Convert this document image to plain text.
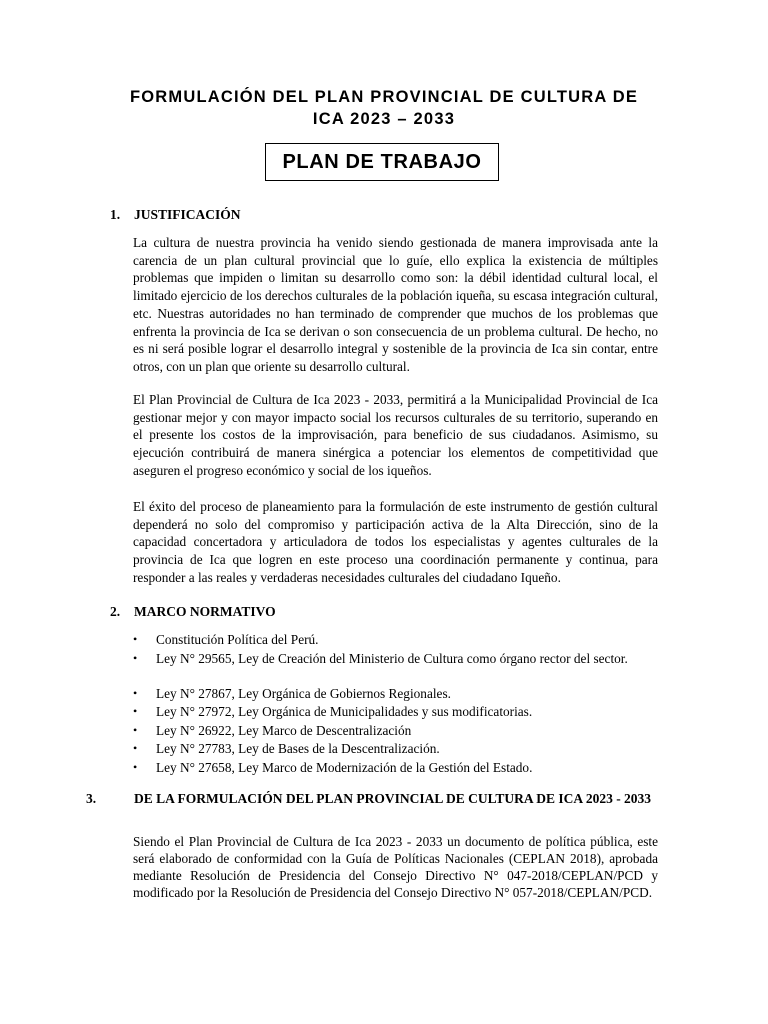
FORMULACIÓN DEL PLAN PROVINCIAL DE CULTURA DE
ICA 2023 – 2033
PLAN DE TRABAJO
1. JUSTIFICACIÓN

La cultura de nuestra provincia ha venido siendo gestionada de manera improvisada ante la carencia de un plan cultural provincial que lo guíe, ello explica la existencia de múltiples problemas que impiden o limitan su desarrollo como son: la débil identidad cultural local, el limitado ejercicio de los derechos culturales de la población iqueña, su escasa integración cultural, etc. Nuestras autoridades no han terminado de comprender que muchos de los problemas que enfrenta la provincia de Ica se derivan o son consecuencia de un problema cultural. De hecho, no es ni será posible lograr el desarrollo integral y sostenible de la provincia de Ica sin contar, entre otros, con un plan que oriente su desarrollo cultural.

El Plan Provincial de Cultura de Ica 2023 - 2033, permitirá a la Municipalidad Provincial de Ica gestionar mejor y con mayor impacto social los recursos culturales de su territorio, superando en el presente los costos de la improvisación, para beneficio de sus ciudadanos. Asimismo, su ejecución contribuirá de manera sinérgica a potenciar los elementos de competitividad que aseguren el progreso económico y social de los iqueños.

El éxito del proceso de planeamiento para la formulación de este instrumento de gestión cultural dependerá no solo del compromiso y participación activa de la Alta Dirección, sino de la capacidad concertadora y articuladora de todos los especialistas y agentes culturales de la provincia de Ica que logren en este proceso una coordinación permanente y continua, para responder a las reales y verdaderas necesidades culturales del ciudadano Iqueño.

2. MARCO NORMATIVO
• Constitución Política del Perú.
• Ley N° 29565, Ley de Creación del Ministerio de Cultura como órgano rector del sector.
• Ley N° 27867, Ley Orgánica de Gobiernos Regionales.
• Ley N° 27972, Ley Orgánica de Municipalidades y sus modificatorias.
• Ley N° 26922, Ley Marco de Descentralización
• Ley N° 27783, Ley de Bases de la Descentralización.
• Ley N° 27658, Ley Marco de Modernización de la Gestión del Estado.
3.	DE LA FORMULACIÓN DEL PLAN PROVINCIAL DE CULTURA DE ICA 2023 - 2033

Siendo el Plan Provincial de Cultura de Ica 2023 - 2033 un documento de política pública, este será elaborado de conformidad con la Guía de Políticas Nacionales (CEPLAN 2018), aprobada mediante Resolución de Presidencia del Consejo Directivo N° 047-2018/CEPLAN/PCD y modificado por la Resolución de Presidencia del Consejo Directivo N° 057-2018/CEPLAN/PCD.
